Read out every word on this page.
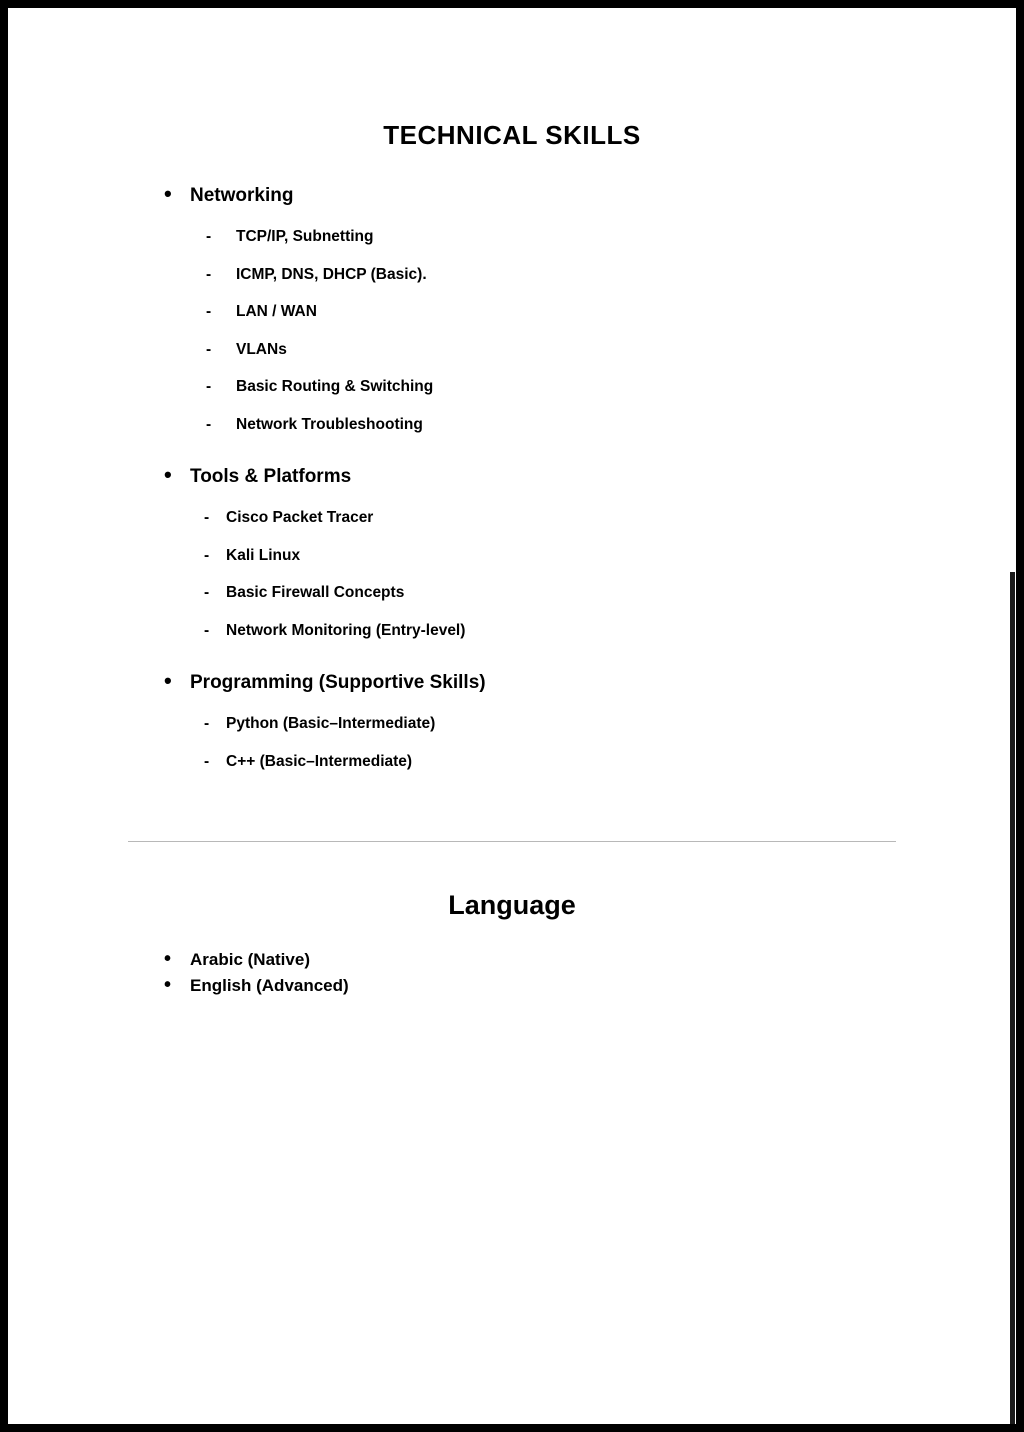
TECHNICAL SKILLS
• Networking
- TCP/IP, Subnetting
- ICMP, DNS, DHCP (Basic).
- LAN / WAN
- VLANs
- Basic Routing & Switching
- Network Troubleshooting
• Tools & Platforms
- Cisco Packet Tracer
- Kali Linux
- Basic Firewall Concepts
- Network Monitoring (Entry-level)
• Programming (Supportive Skills)
- Python (Basic–Intermediate)
- C++ (Basic–Intermediate)
Language
• Arabic (Native)
• English (Advanced)
